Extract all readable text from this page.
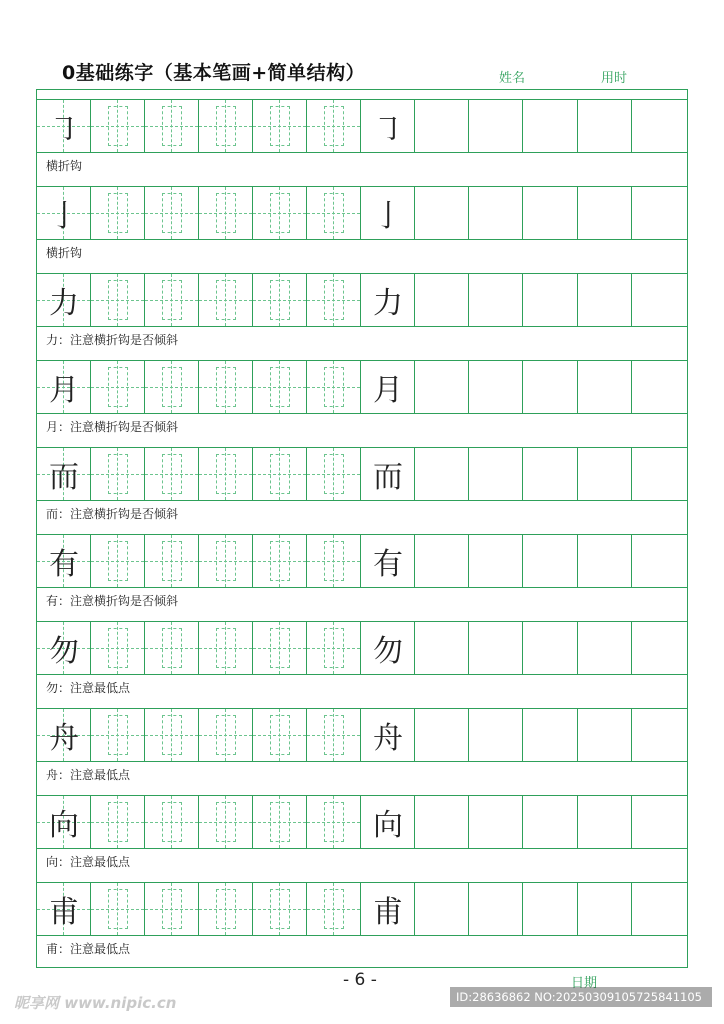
0基础练字（基本笔画+简单结构）	姓名	用时
㇆	㇆
横折钩
亅	亅
横折钩
力	力
力：注意横折钩是否倾斜
月	月
月：注意横折钩是否倾斜
而	而
而：注意横折钩是否倾斜
有	有
有：注意横折钩是否倾斜
勿	勿
勿：注意最低点
舟	舟
舟：注意最低点
向	向
向：注意最低点
甫	甫
甫：注意最低点
- 6 -	日期
昵享网 www.nipic.cn	ID:28636862 NO:20250309105725841105
